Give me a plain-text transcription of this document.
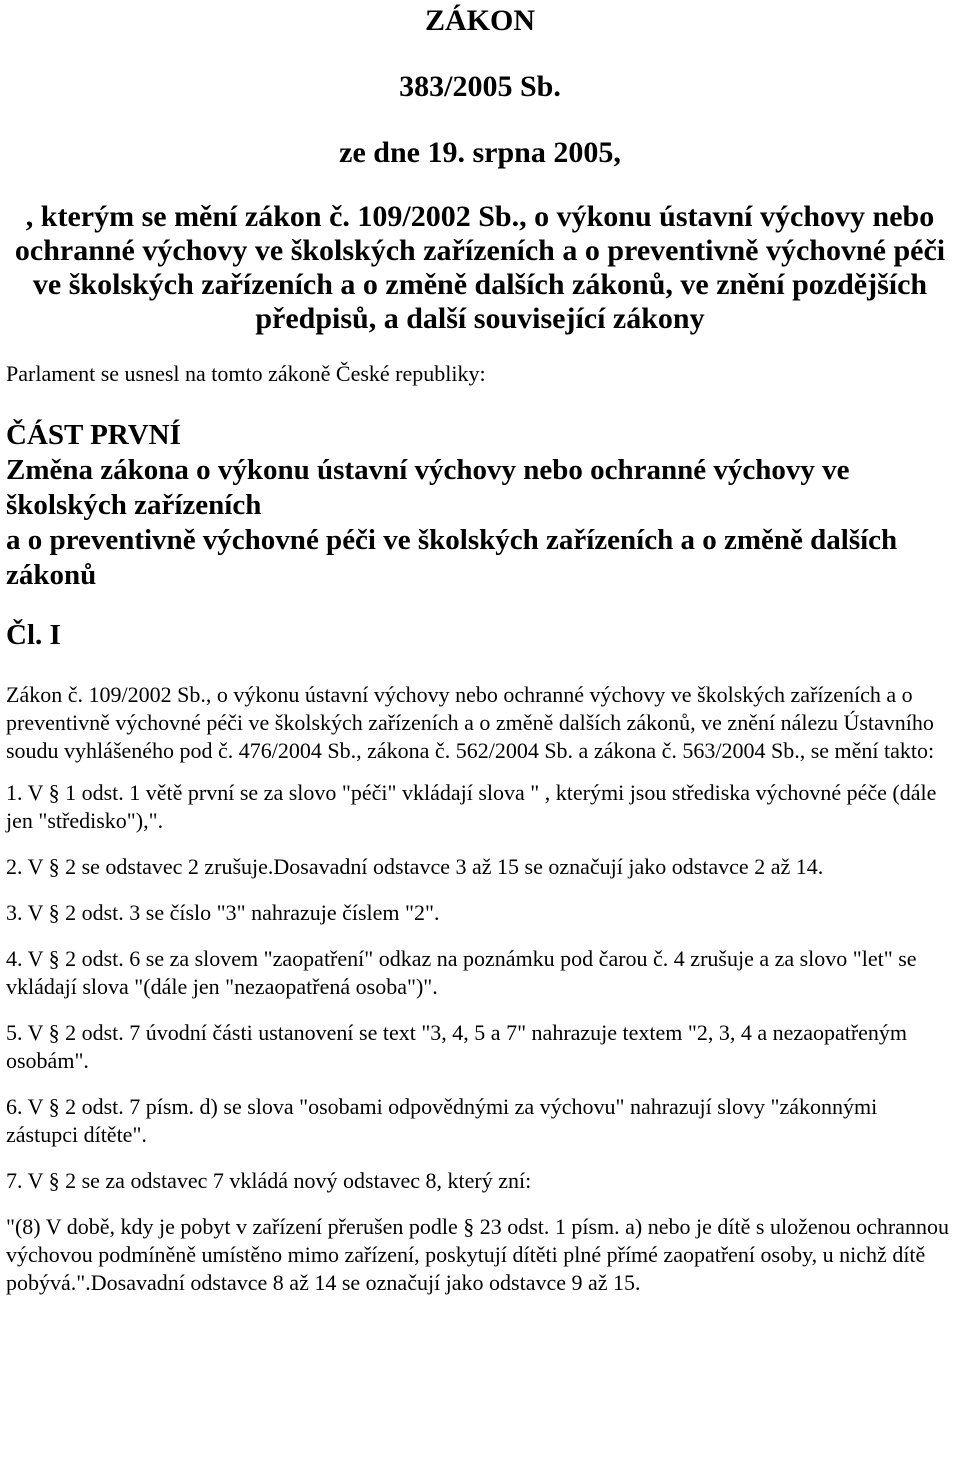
ZÁKON

383/2005 Sb.

ze dne 19. srpna 2005,

, kterým se mění zákon č. 109/2002 Sb., o výkonu ústavní výchovy nebo ochranné výchovy ve školských zařízeních a o preventivně výchovné péči ve školských zařízeních a o změně dalších zákonů, ve znění pozdějších předpisů, a další související zákony

Parlament se usnesl na tomto zákoně České republiky:

ČÁST PRVNÍ

Změna zákona o výkonu ústavní výchovy nebo ochranné výchovy ve školských zařízeních

a o preventivně výchovné péči ve školských zařízeních a o změně dalších zákonů

Čl. I

Zákon č. 109/2002 Sb., o výkonu ústavní výchovy nebo ochranné výchovy ve školských zařízeních a o preventivně výchovné péči ve školských zařízeních a o změně dalších zákonů, ve znění nálezu Ústavního soudu vyhlášeného pod č. 476/2004 Sb., zákona č. 562/2004 Sb. a zákona č. 563/2004 Sb., se mění takto:

1. V § 1 odst. 1 větě první se za slovo "péči" vkládají slova " , kterými jsou střediska výchovné péče (dále jen "středisko"),".

2. V § 2 se odstavec 2 zrušuje.Dosavadní odstavce 3 až 15 se označují jako odstavce 2 až 14.

3. V § 2 odst. 3 se číslo "3" nahrazuje číslem "2".

4. V § 2 odst. 6 se za slovem "zaopatření" odkaz na poznámku pod čarou č. 4 zrušuje a za slovo "let" se vkládají slova "(dále jen "nezaopatřená osoba")".

5. V § 2 odst. 7 úvodní části ustanovení se text "3, 4, 5 a 7" nahrazuje textem "2, 3, 4 a nezaopatřeným osobám".

6. V § 2 odst. 7 písm. d) se slova "osobami odpovědnými za výchovu" nahrazují slovy "zákonnými zástupci dítěte".

7. V § 2 se za odstavec 7 vkládá nový odstavec 8, který zní:

"(8) V době, kdy je pobyt v zařízení přerušen podle § 23 odst. 1 písm. a) nebo je dítě s uloženou ochrannou výchovou podmíněně umístěno mimo zařízení, poskytují dítěti plné přímé zaopatření osoby, u nichž dítě pobývá.".Dosavadní odstavce 8 až 14 se označují jako odstavce 9 až 15.
